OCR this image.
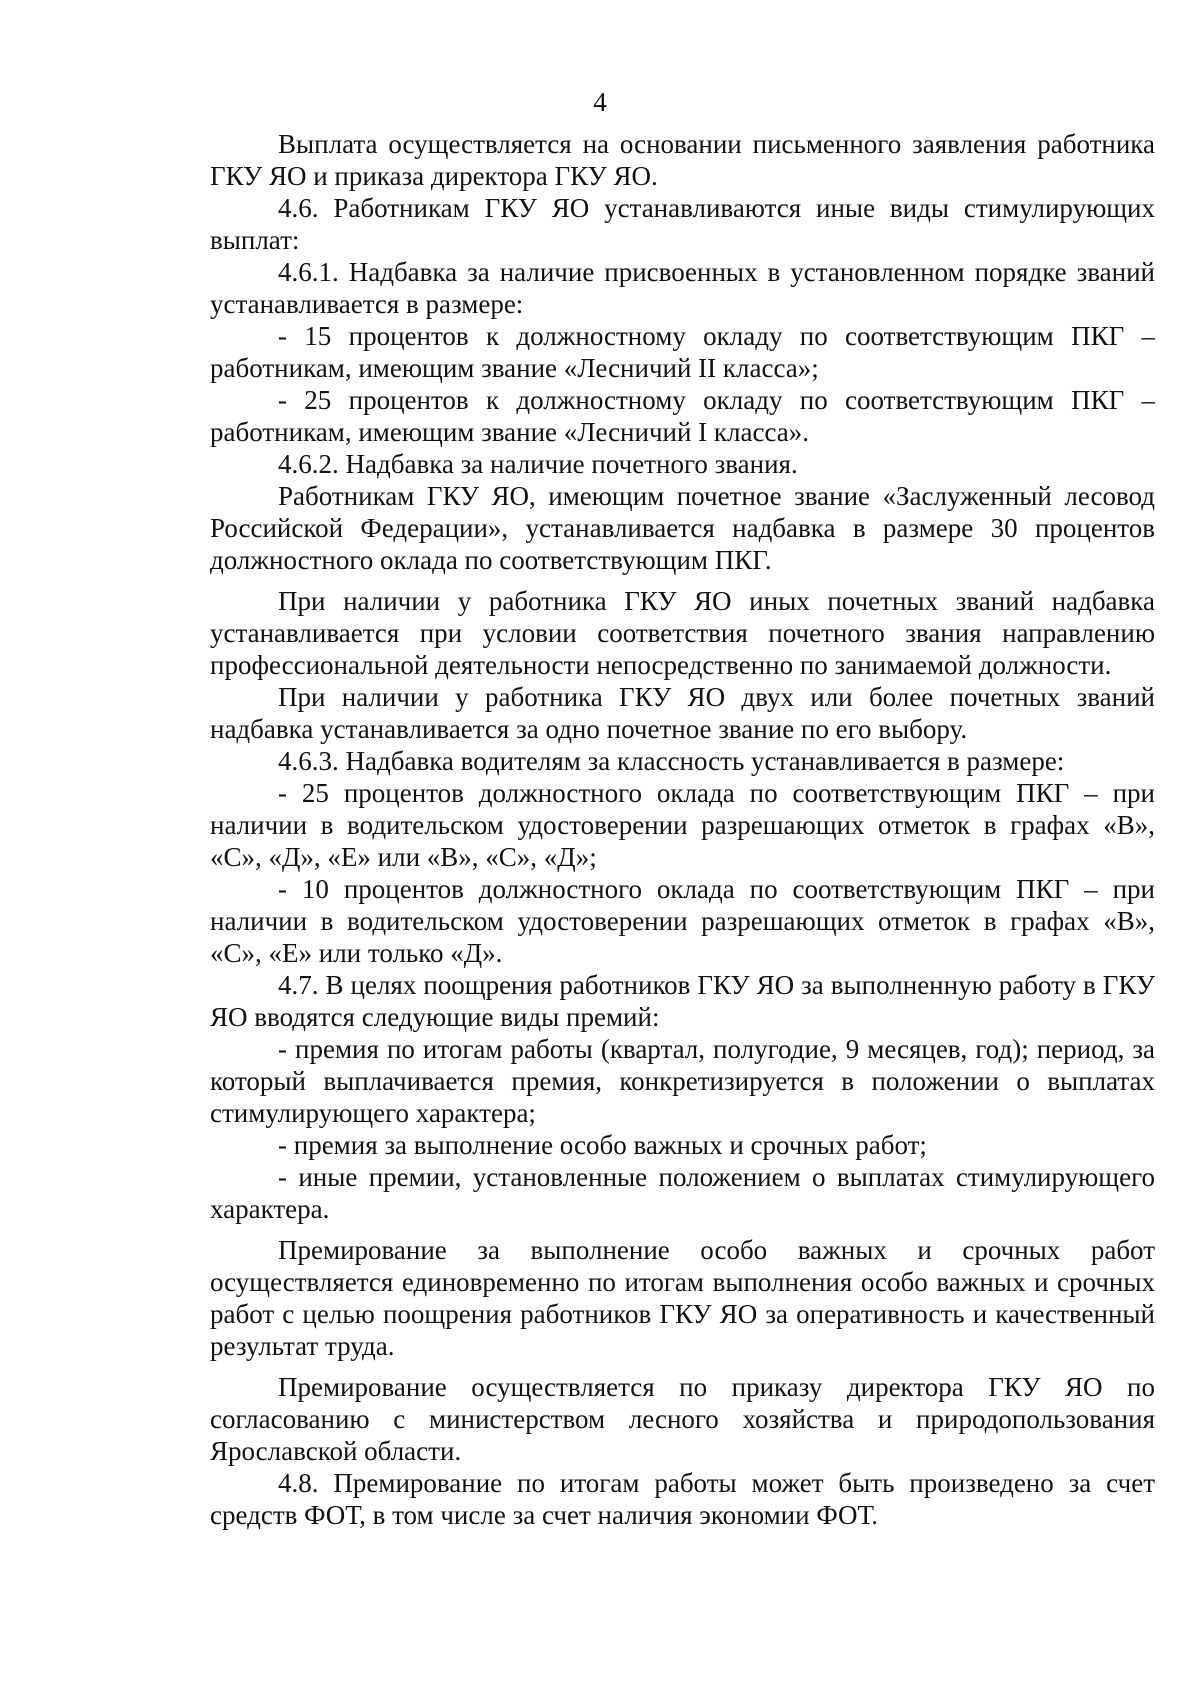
4

Выплата осуществляется на основании письменного заявления работника ГКУ ЯО и приказа директора ГКУ ЯО.

4.6. Работникам ГКУ ЯО устанавливаются иные виды стимулирующих выплат:

4.6.1. Надбавка за наличие присвоенных в установленном порядке званий устанавливается в размере:

- 15 процентов к должностному окладу по соответствующим ПКГ – работникам, имеющим звание «Лесничий II класса»;

- 25 процентов к должностному окладу по соответствующим ПКГ – работникам, имеющим звание «Лесничий I класса».

4.6.2. Надбавка за наличие почетного звания.

Работникам ГКУ ЯО, имеющим почетное звание «Заслуженный лесовод Российской Федерации», устанавливается надбавка в размере 30 процентов должностного оклада по соответствующим ПКГ.

При наличии у работника ГКУ ЯО иных почетных званий надбавка устанавливается при условии соответствия почетного звания направлению профессиональной деятельности непосредственно по занимаемой должности.

При наличии у работника ГКУ ЯО двух или более почетных званий надбавка устанавливается за одно почетное звание по его выбору.

4.6.3. Надбавка водителям за классность устанавливается в размере:

- 25 процентов должностного оклада по соответствующим ПКГ – при наличии в водительском удостоверении разрешающих отметок в графах «В», «С», «Д», «Е» или «В», «С», «Д»;

- 10 процентов должностного оклада по соответствующим ПКГ – при наличии в водительском удостоверении разрешающих отметок в графах «В», «С», «Е» или только «Д».

4.7. В целях поощрения работников ГКУ ЯО за выполненную работу в ГКУ ЯО вводятся следующие виды премий:

- премия по итогам работы (квартал, полугодие, 9 месяцев, год); период, за который выплачивается премия, конкретизируется в положении о выплатах стимулирующего характера;

- премия за выполнение особо важных и срочных работ;

- иные премии, установленные положением о выплатах стимулирующего характера.

Премирование за выполнение особо важных и срочных работ осуществляется единовременно по итогам выполнения особо важных и срочных работ с целью поощрения работников ГКУ ЯО за оперативность и качественный результат труда.

Премирование осуществляется по приказу директора ГКУ ЯО по согласованию с министерством лесного хозяйства и природопользования Ярославской области.

4.8. Премирование по итогам работы может быть произведено за счет средств ФОТ, в том числе за счет наличия экономии ФОТ.
